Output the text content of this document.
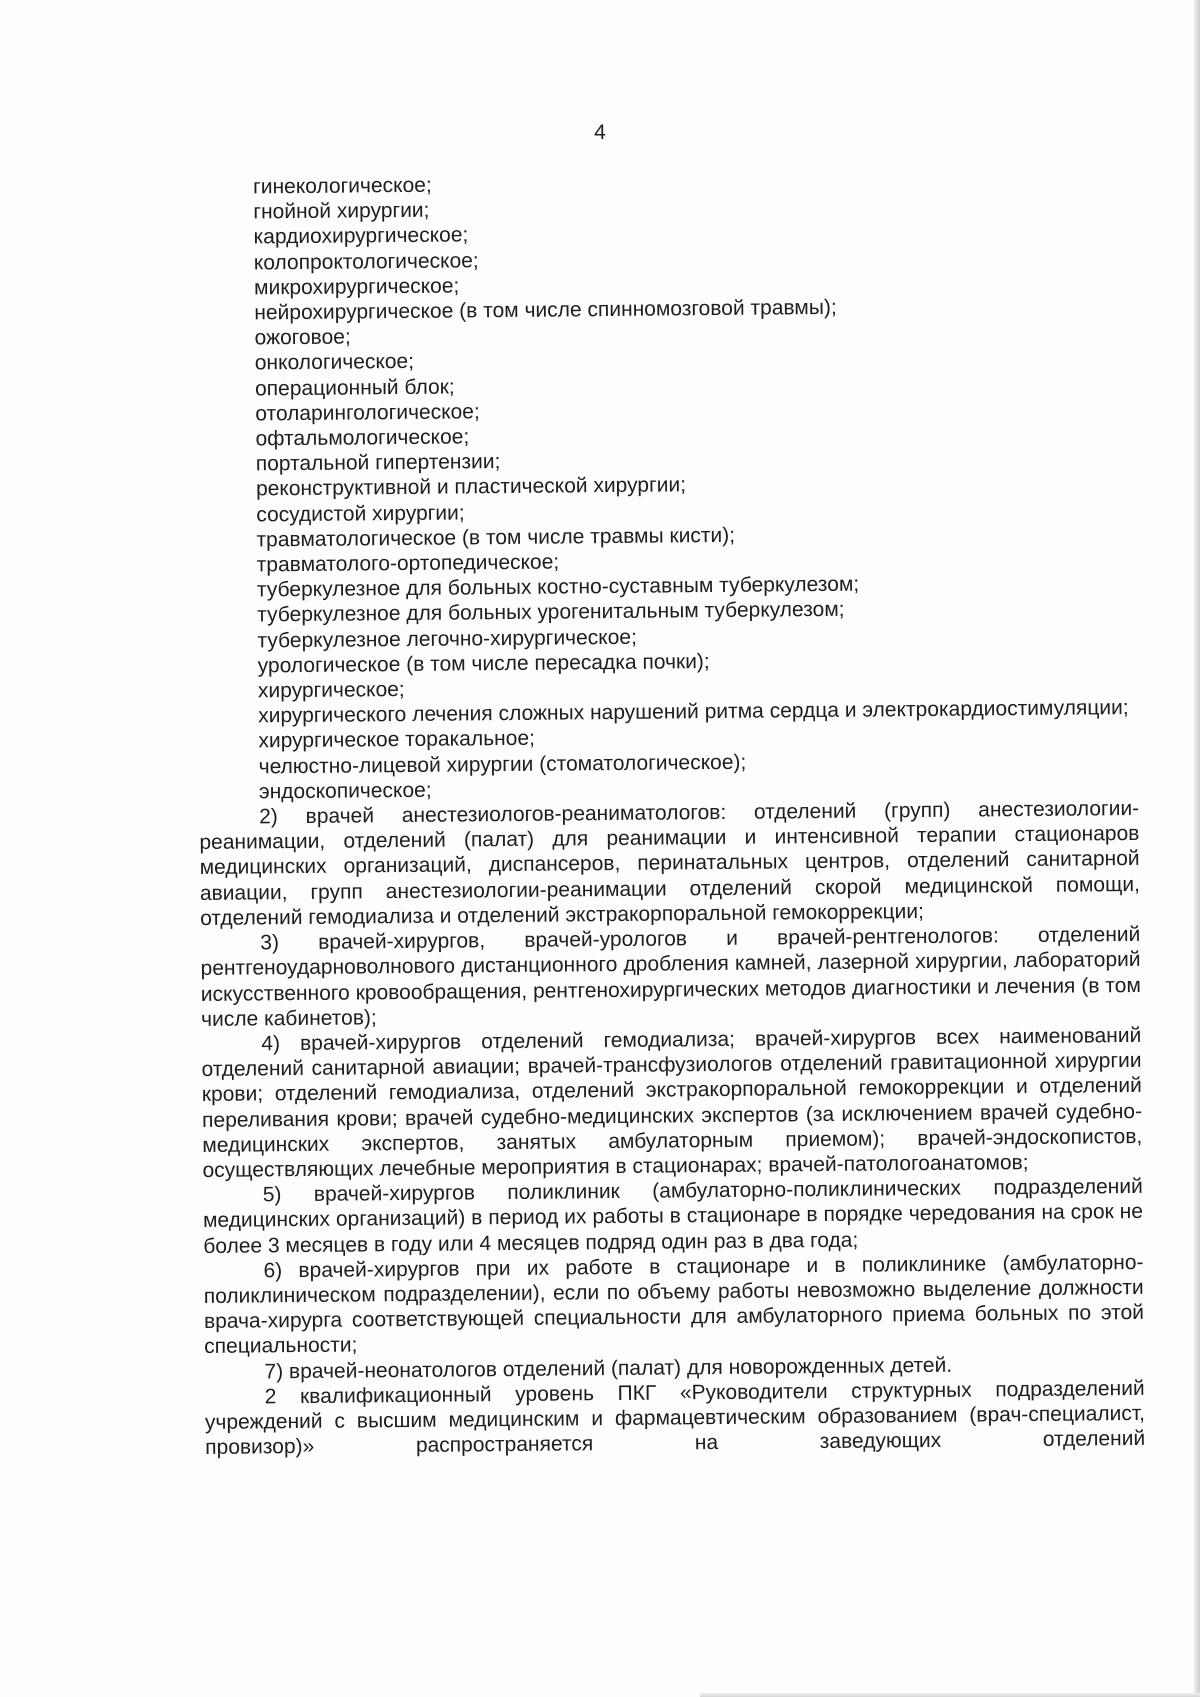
4
гинекологическое;
гнойной хирургии;
кардиохирургическое;
колопроктологическое;
микрохирургическое;
нейрохирургическое (в том числе спинномозговой травмы);
ожоговое;
онкологическое;
операционный блок;
отоларингологическое;
офтальмологическое;
портальной гипертензии;
реконструктивной и пластической хирургии;
сосудистой хирургии;
травматологическое (в том числе травмы кисти);
травматолого-ортопедическое;
туберкулезное для больных костно-суставным туберкулезом;
туберкулезное для больных урогенитальным туберкулезом;
туберкулезное легочно-хирургическое;
урологическое (в том числе пересадка почки);
хирургическое;

хирургического лечения сложных нарушений ритма сердца и электрокардиостимуляции;

хирургическое торакальное;
челюстно-лицевой хирургии (стоматологическое);
эндоскопическое;

2) врачей анестезиологов-реаниматологов: отделений (групп) анестезиологии-реанимации, отделений (палат) для реанимации и интенсивной терапии стационаров медицинских организаций, диспансеров, перинатальных центров, отделений санитарной авиации, групп анестезиологии-реанимации отделений скорой медицинской помощи, отделений гемодиализа и отделений экстракорпоральной гемокоррекции;

3) врачей-хирургов, врачей-урологов и врачей-рентгенологов: отделений рентгеноударноволнового дистанционного дробления камней, лазерной хирургии, лабораторий искусственного кровообращения, рентгенохирургических методов диагностики и лечения (в том числе кабинетов);

4) врачей-хирургов отделений гемодиализа; врачей-хирургов всех наименований отделений санитарной авиации; врачей-трансфузиологов отделений гравитационной хирургии крови; отделений гемодиализа, отделений экстракорпоральной гемокоррекции и отделений переливания крови; врачей судебно-медицинских экспертов (за исключением врачей судебно-медицинских экспертов, занятых амбулаторным приемом); врачей-эндоскопистов, осуществляющих лечебные мероприятия в стационарах; врачей-патологоанатомов;

5) врачей-хирургов поликлиник (амбулаторно-поликлинических подразделений медицинских организаций) в период их работы в стационаре в порядке чередования на срок не более 3 месяцев в году или 4 месяцев подряд один раз в два года;

6) врачей-хирургов при их работе в стационаре и в поликлинике (амбулаторно-поликлиническом подразделении), если по объему работы невозможно выделение должности врача-хирурга соответствующей специальности для амбулаторного приема больных по этой специальности;

7) врачей-неонатологов отделений (палат) для новорожденных детей.

2 квалификационный уровень ПКГ «Руководители структурных подразделений учреждений с высшим медицинским и фармацевтическим образованием (врач-специалист, провизор)» распространяется на заведующих отделений
